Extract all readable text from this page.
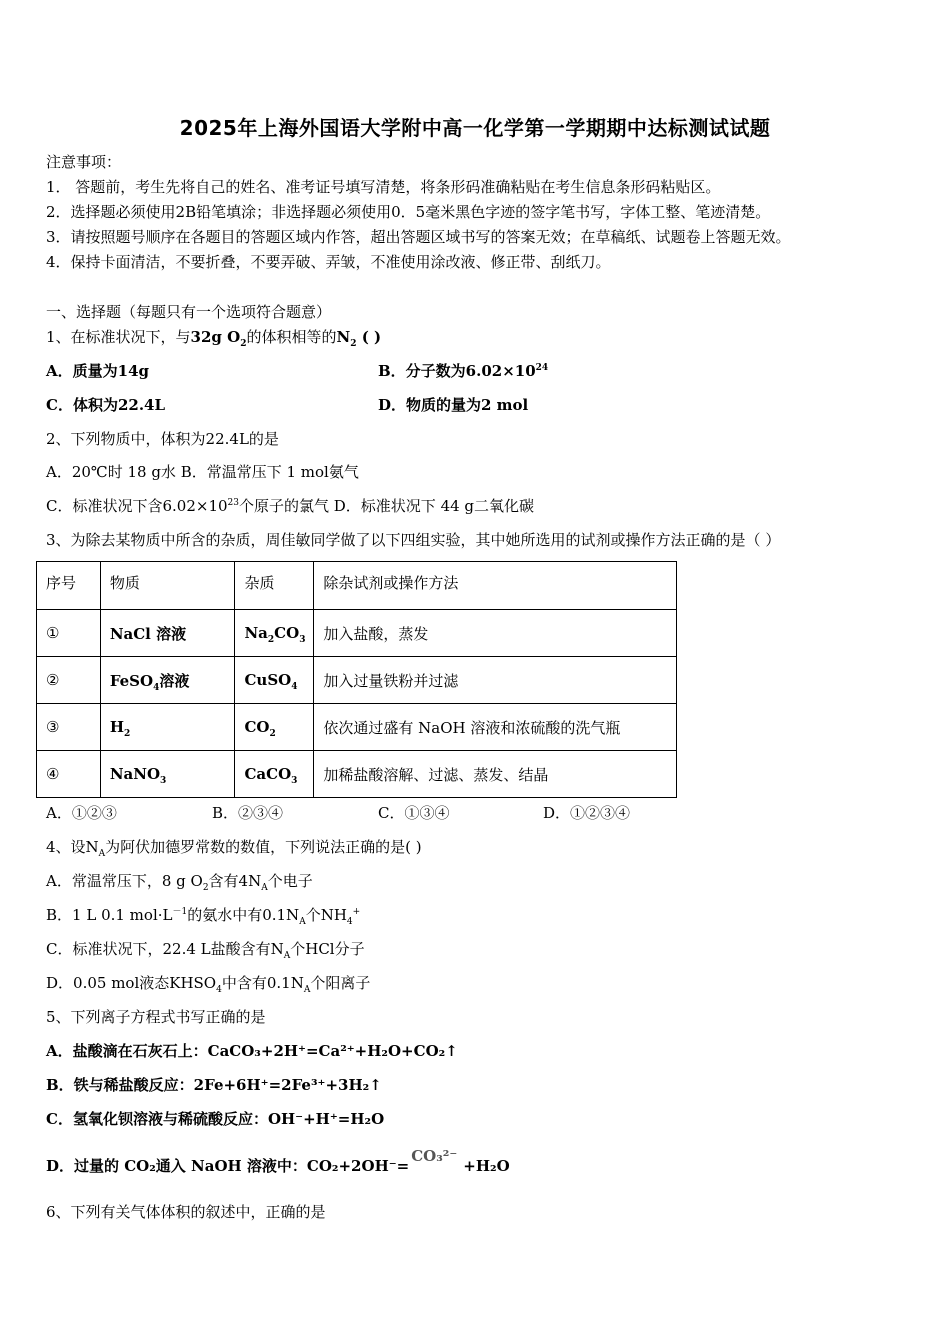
2025年上海外国语大学附中高一化学第一学期期中达标测试试题
注意事项：
1． 答题前，考生先将自己的姓名、准考证号填写清楚，将条形码准确粘贴在考生信息条形码粘贴区。
2．选择题必须使用2B铅笔填涂；非选择题必须使用0．5毫米黑色字迹的签字笔书写，字体工整、笔迹清楚。
3．请按照题号顺序在各题目的答题区域内作答，超出答题区域书写的答案无效；在草稿纸、试题卷上答题无效。
4．保持卡面清洁，不要折叠，不要弄破、弄皱，不准使用涂改液、修正带、刮纸刀。
一、选择题（每题只有一个选项符合题意）
1、在标准状况下，与32g $O_2$的体积相等的$N_2$ ( )
A．质量为14g	B．分子数为$6.02\times 10^{24}$
C．体积为22.4L	D．物质的量为2 mol
2、下列物质中，体积为22.4L的是
A．20℃时 18 g水 B．常温常压下 1 mol氨气
C．标准状况下含$6.02\times 10^{23}$个原子的氯气 D．标准状况下 44 g二氧化碳
3、为除去某物质中所含的杂质，周佳敏同学做了以下四组实验，其中她所选用的试剂或操作方法正确的是（ ）
序号	物质	杂质	除杂试剂或操作方法
①	NaCl 溶液	$Na_2CO_3$	加入盐酸，蒸发
②	FeSO$_4$溶液	CuSO$_4$	加入过量铁粉并过滤
③	$H_2$	$CO_2$	依次通过盛有 NaOH 溶液和浓硫酸的洗气瓶
④	NaNO$_3$	CaCO$_3$	加稀盐酸溶解、过滤、蒸发、结晶
A．①②③	B．②③④	C．①③④	D．①②③④
4、设$N_A$为阿伏加德罗常数的数值，下列说法正确的是( )
A．常温常压下，8 g $O_2$含有$4N_A$个电子
B．1 L 0.1 $mol\cdot L^{-1}$的氨水中有$0.1N_A$个$NH_4^+$
C．标准状况下，22.4 L盐酸含有$N_A$个HCl分子
D．0.05 mol液态$KHSO_4$中含有$0.1N_A$个阳离子
5、下列离子方程式书写正确的是
A．盐酸滴在石灰石上：CaCO₃+2H⁺=Ca²⁺+H₂O+CO₂↑
B．铁与稀盐酸反应：2Fe+6H⁺=2Fe³⁺+3H₂↑
C．氢氧化钡溶液与稀硫酸反应：OH⁻+H⁺=H₂O
D．过量的 CO₂通入 NaOH 溶液中：CO₂+2OH⁻=CO₃²⁻+H₂O
6、下列有关气体体积的叙述中，正确的是
